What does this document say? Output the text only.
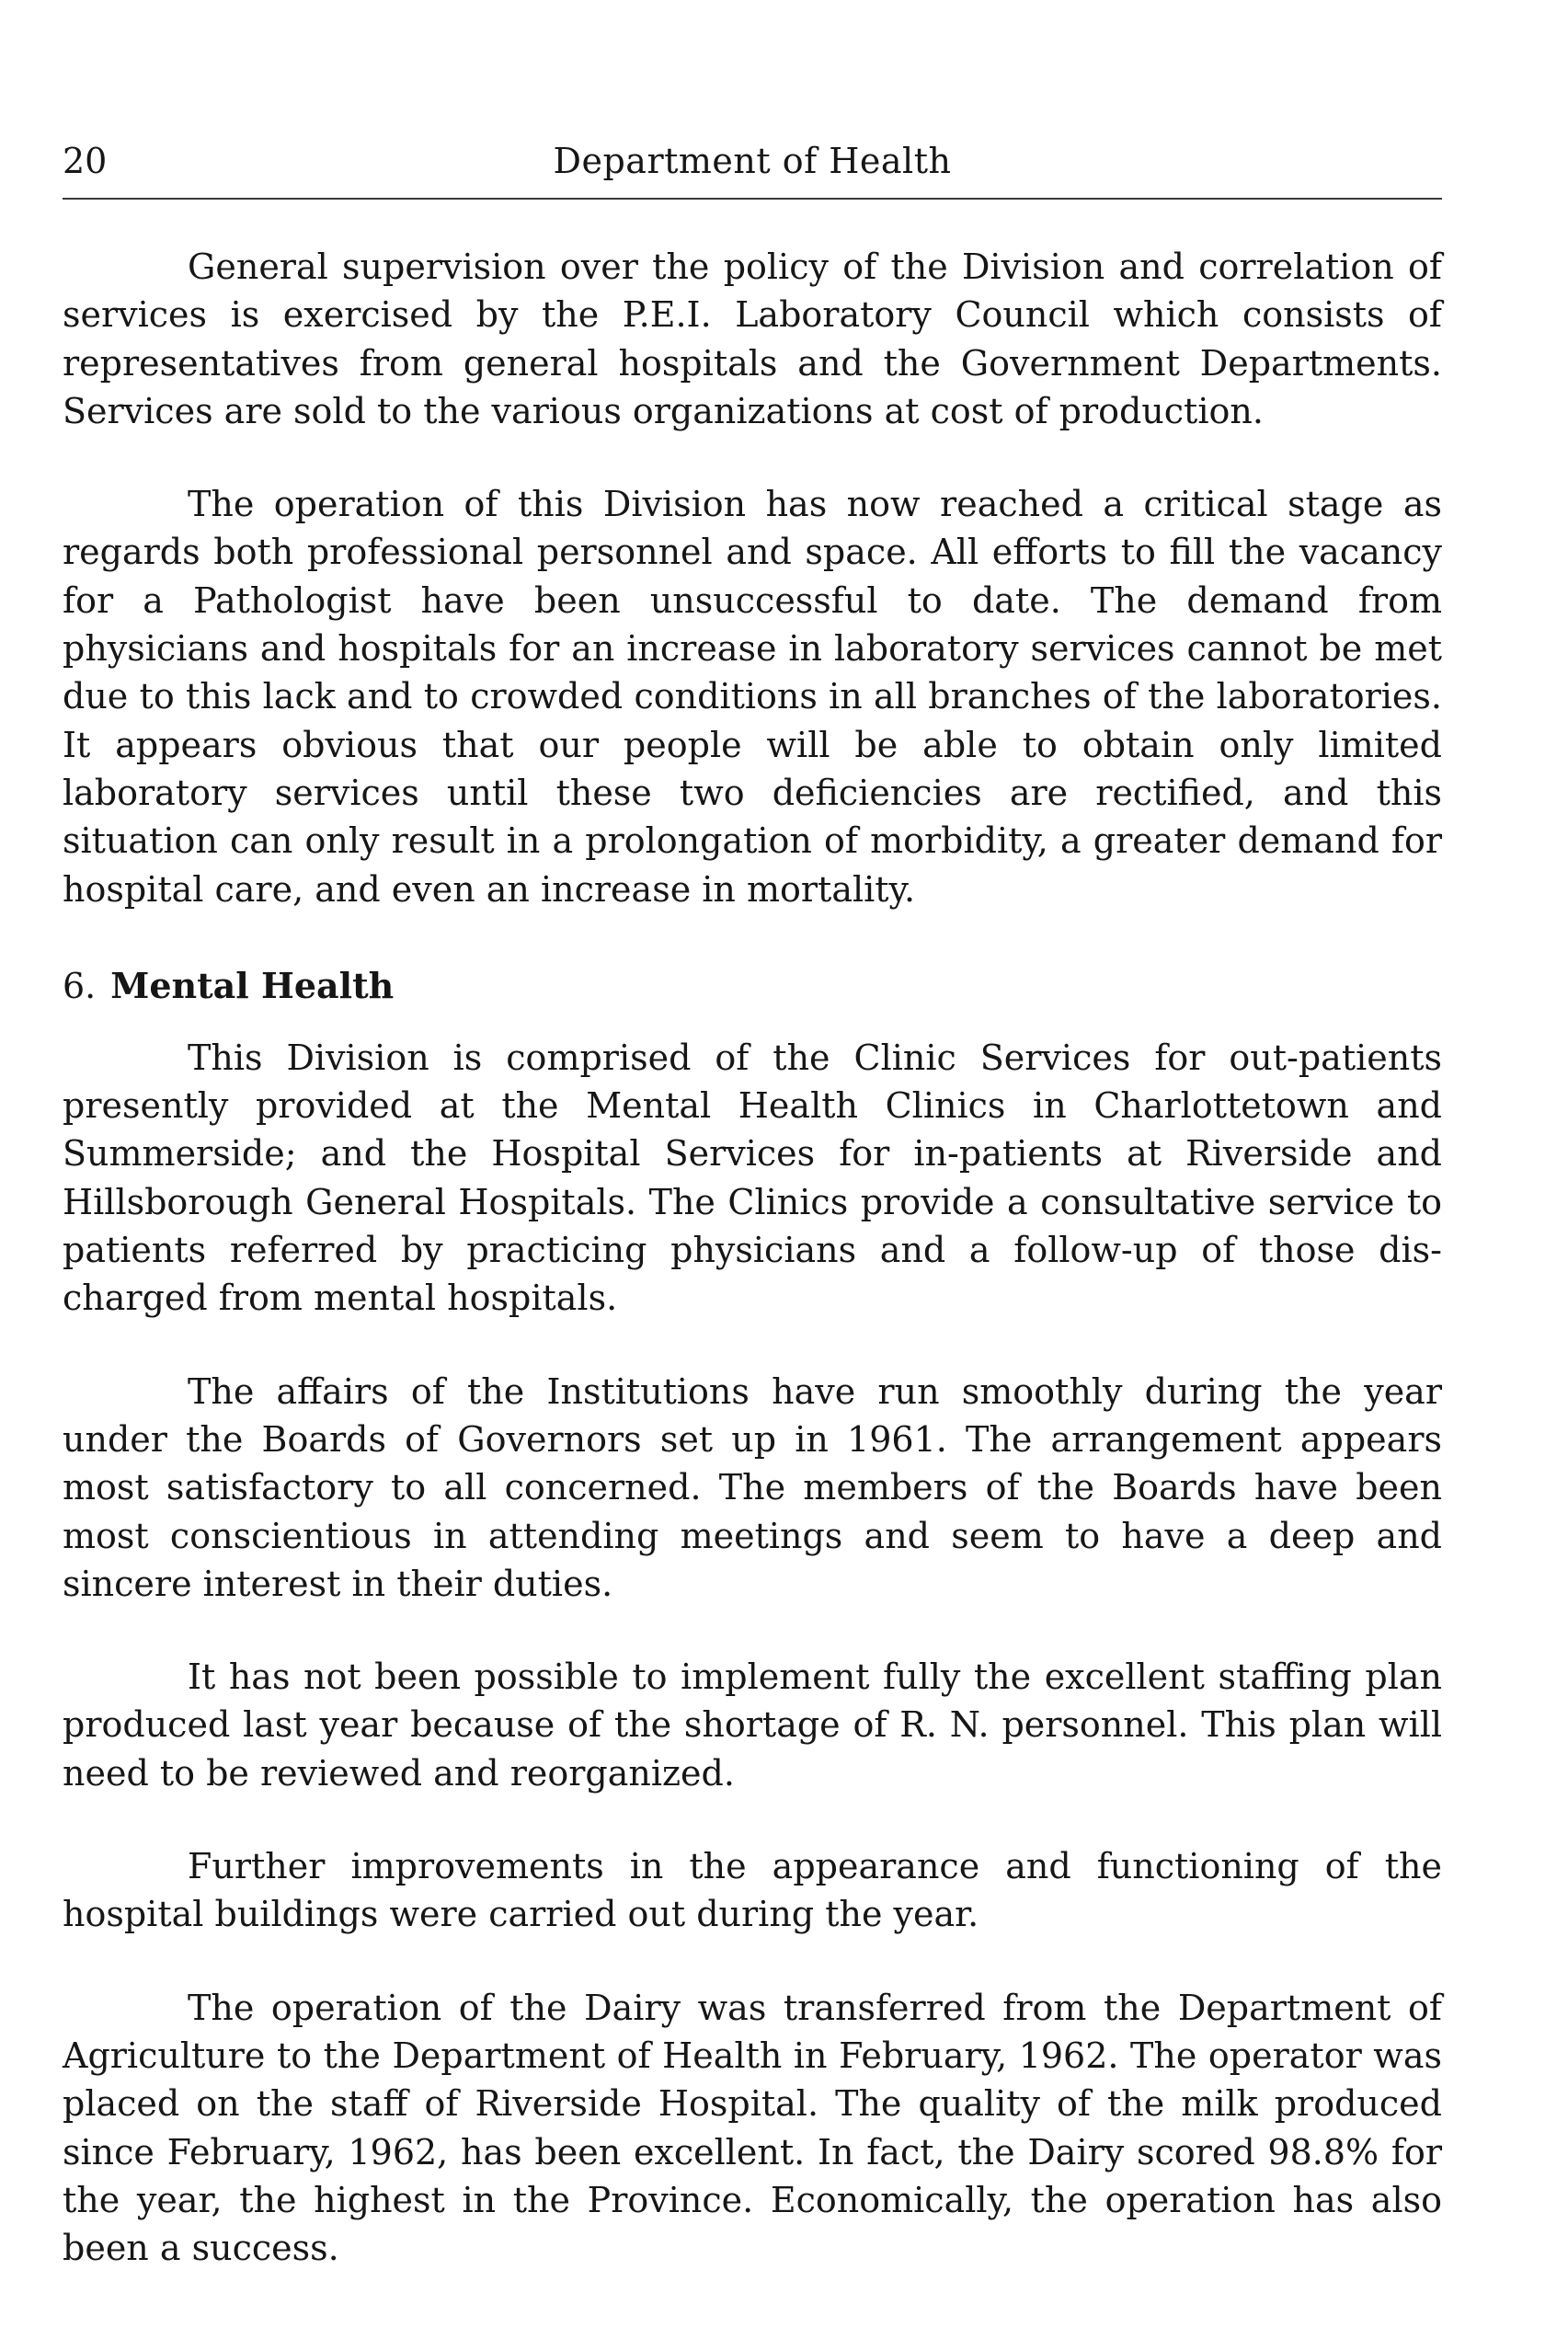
20	Department of Health

General supervision over the policy of the Division and correlation of services is exercised by the P.E.I. Laboratory Council which consists of representatives from general hospitals and the Government Departments. Services are sold to the various organizations at cost of production.

The operation of this Division has now reached a critical stage as regards both professional personnel and space. All efforts to fill the vacancy for a Pathologist have been unsuccessful to date. The demand from physicians and hospitals for an increase in laboratory services cannot be met due to this lack and to crowded conditions in all branches of the laboratories. It appears obvious that our people will be able to obtain only limited laboratory services until these two deficiencies are rectified, and this situation can only result in a prolongation of morbidity, a greater demand for hospital care, and even an increase in mortality.

6. Mental Health

This Division is comprised of the Clinic Services for out-patients presently provided at the Mental Health Clinics in Charlottetown and Summerside; and the Hospital Services for in-patients at Riverside and Hillsborough General Hospitals. The Clinics provide a consultative service to patients referred by practicing physicians and a follow-up of those discharged from mental hospitals.

The affairs of the Institutions have run smoothly during the year under the Boards of Governors set up in 1961. The arrangement appears most satisfactory to all concerned. The members of the Boards have been most conscientious in attending meetings and seem to have a deep and sincere interest in their duties.

It has not been possible to implement fully the excellent staffing plan produced last year because of the shortage of R. N. personnel. This plan will need to be reviewed and reorganized.

Further improvements in the appearance and functioning of the hospital buildings were carried out during the year.

The operation of the Dairy was transferred from the Department of Agriculture to the Department of Health in February, 1962. The operator was placed on the staff of Riverside Hospital. The quality of the milk produced since February, 1962, has been excellent. In fact, the Dairy scored 98.8% for the year, the highest in the Province. Economically, the operation has also been a success.
